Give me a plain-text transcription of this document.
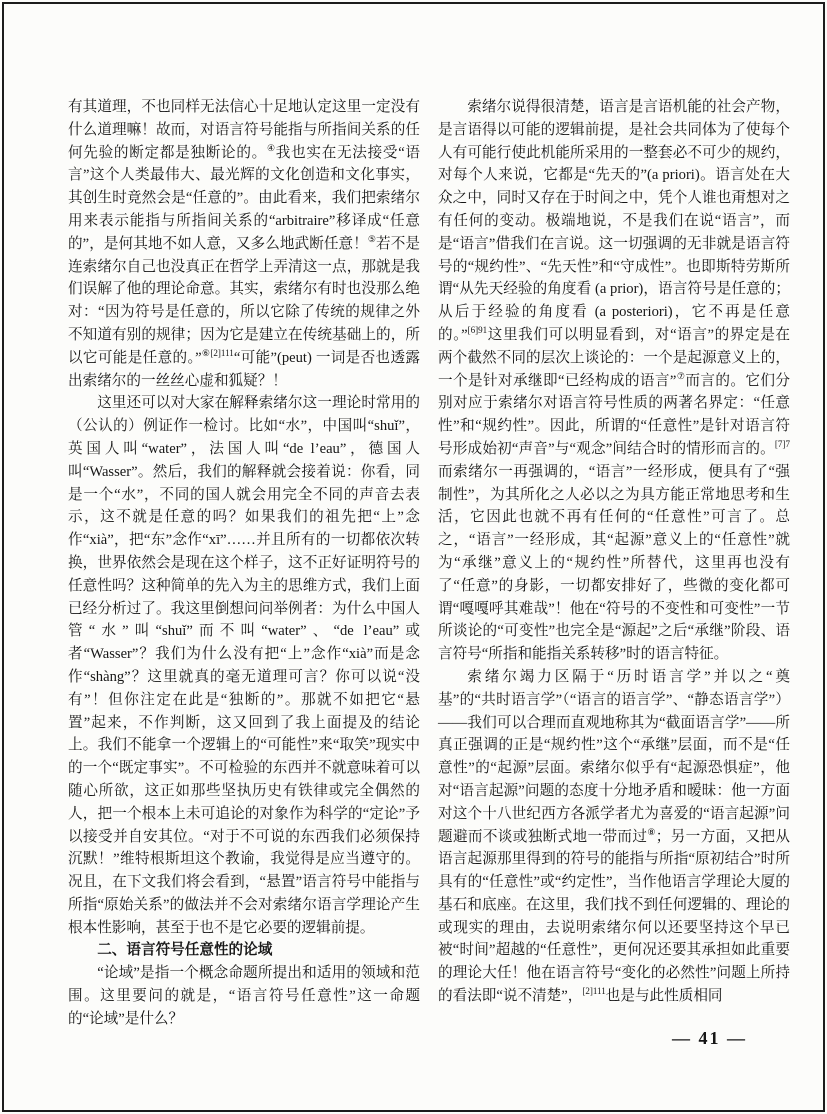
有其道理，不也同样无法信心十足地认定这里一定没有什么道理嘛！故而，对语言符号能指与所指间关系的任何先验的断定都是独断论的。④我也实在无法接受“语言”这个人类最伟大、最光辉的文化创造和文化事实，其创生时竟然会是“任意的”。由此看来，我们把索绪尔用来表示能指与所指间关系的“arbitraire”移译成“任意的”，是何其地不如人意，又多么地武断任意！⑤若不是连索绪尔自己也没真正在哲学上弄清这一点，那就是我们误解了他的理论命意。其实，索绪尔有时也没那么绝对：“因为符号是任意的，所以它除了传统的规律之外不知道有别的规律；因为它是建立在传统基础上的，所以它可能是任意的。”$^{⑥[2]111}$“可能”(peut) 一词是否也透露出索绪尔的一丝丝心虚和狐疑？！

这里还可以对大家在解释索绪尔这一理论时常用的（公认的）例证作一检讨。比如“水”，中国叫“shuǐ”，英国人叫“water”，法国人叫“de l’eau”，德国人叫“Wasser”。然后，我们的解释就会接着说：你看，同是一个“水”，不同的国人就会用完全不同的声音去表示，这不就是任意的吗？如果我们的祖先把“上”念作“xià”，把“东”念作“xī”……并且所有的一切都依次转换，世界依然会是现在这个样子，这不正好证明符号的任意性吗？这种简单的先入为主的思维方式，我们上面已经分析过了。我这里倒想问问举例者：为什么中国人管“水”叫“shuǐ”而不叫“water”、“de l’eau”或者“Wasser”？我们为什么没有把“上”念作“xià”而是念作“shàng”？这里就真的毫无道理可言？你可以说“没有”！但你注定在此是“独断的”。那就不如把它“悬置”起来，不作判断，这又回到了我上面提及的结论上。我们不能拿一个逻辑上的“可能性”来“取笑”现实中的一个“既定事实”。不可检验的东西并不就意味着可以随心所欲，这正如那些坚执历史有铁律或完全偶然的人，把一个根本上未可追论的对象作为科学的“定论”予以接受并自安其位。“对于不可说的东西我们必须保持沉默！”维特根斯坦这个教谕，我觉得是应当遵守的。况且，在下文我们将会看到，“悬置”语言符号中能指与所指“原始关系”的做法并不会对索绪尔语言学理论产生根本性影响，甚至于也不是它必要的逻辑前提。

二、语言符号任意性的论域

“论域”是指一个概念命题所提出和适用的领域和范围。这里要问的就是，“语言符号任意性”这一命题的“论域”是什么？

索绪尔说得很清楚，语言是言语机能的社会产物，是言语得以可能的逻辑前提，是社会共同体为了使每个人有可能行使此机能所采用的一整套必不可少的规约，对每个人来说，它都是“先天的”(a priori)。语言处在大众之中，同时又存在于时间之中，凭个人谁也甭想对之有任何的变动。极端地说，不是我们在说“语言”，而是“语言”借我们在言说。这一切强调的无非就是语言符号的“规约性”、“先天性”和“守成性”。也即斯特劳斯所谓“从先天经验的角度看 (a prior)，语言符号是任意的；从后于经验的角度看 (a posteriori)，它不再是任意的。”$^{[6]91}$这里我们可以明显看到，对“语言”的界定是在两个截然不同的层次上谈论的：一个是起源意义上的，一个是针对承继即“已经构成的语言”⑦而言的。它们分别对应于索绪尔对语言符号性质的两著名界定：“任意性”和“规约性”。因此，所谓的“任意性”是针对语言符号形成始初“声音”与“观念”间结合时的情形而言的。$^{[7]7}$而索绪尔一再强调的，“语言”一经形成，便具有了“强制性”，为其所化之人必以之为具方能正常地思考和生活，它因此也就不再有任何的“任意性”可言了。总之，“语言”一经形成，其“起源”意义上的“任意性”就为“承继”意义上的“规约性”所替代，这里再也没有了“任意”的身影，一切都安排好了，些微的变化都可谓“嘎嘎呼其难哉”！他在“符号的不变性和可变性”一节所谈论的“可变性”也完全是“源起”之后“承继”阶段、语言符号“所指和能指关系转移”时的语言特征。

索绪尔竭力区隔于“历时语言学”并以之“奠基”的“共时语言学”（“语言的语言学”、“静态语言学”）——我们可以合理而直观地称其为“截面语言学”——所真正强调的正是“规约性”这个“承继”层面，而不是“任意性”的“起源”层面。索绪尔似乎有“起源恐惧症”，他对“语言起源”问题的态度十分地矛盾和暧昧：他一方面对这个十八世纪西方各派学者尤为喜爱的“语言起源”问题避而不谈或独断式地一带而过⑧；另一方面，又把从语言起源那里得到的符号的能指与所指“原初结合”时所具有的“任意性”或“约定性”，当作他语言学理论大厦的基石和底座。在这里，我们找不到任何逻辑的、理论的或现实的理由，去说明索绪尔何以还要坚持这个早已被“时间”超越的“任意性”，更何况还要其承担如此重要的理论大任！他在语言符号“变化的必然性”问题上所持的看法即“说不清楚”，$^{[2]111}$也是与此性质相同

— 41 —
